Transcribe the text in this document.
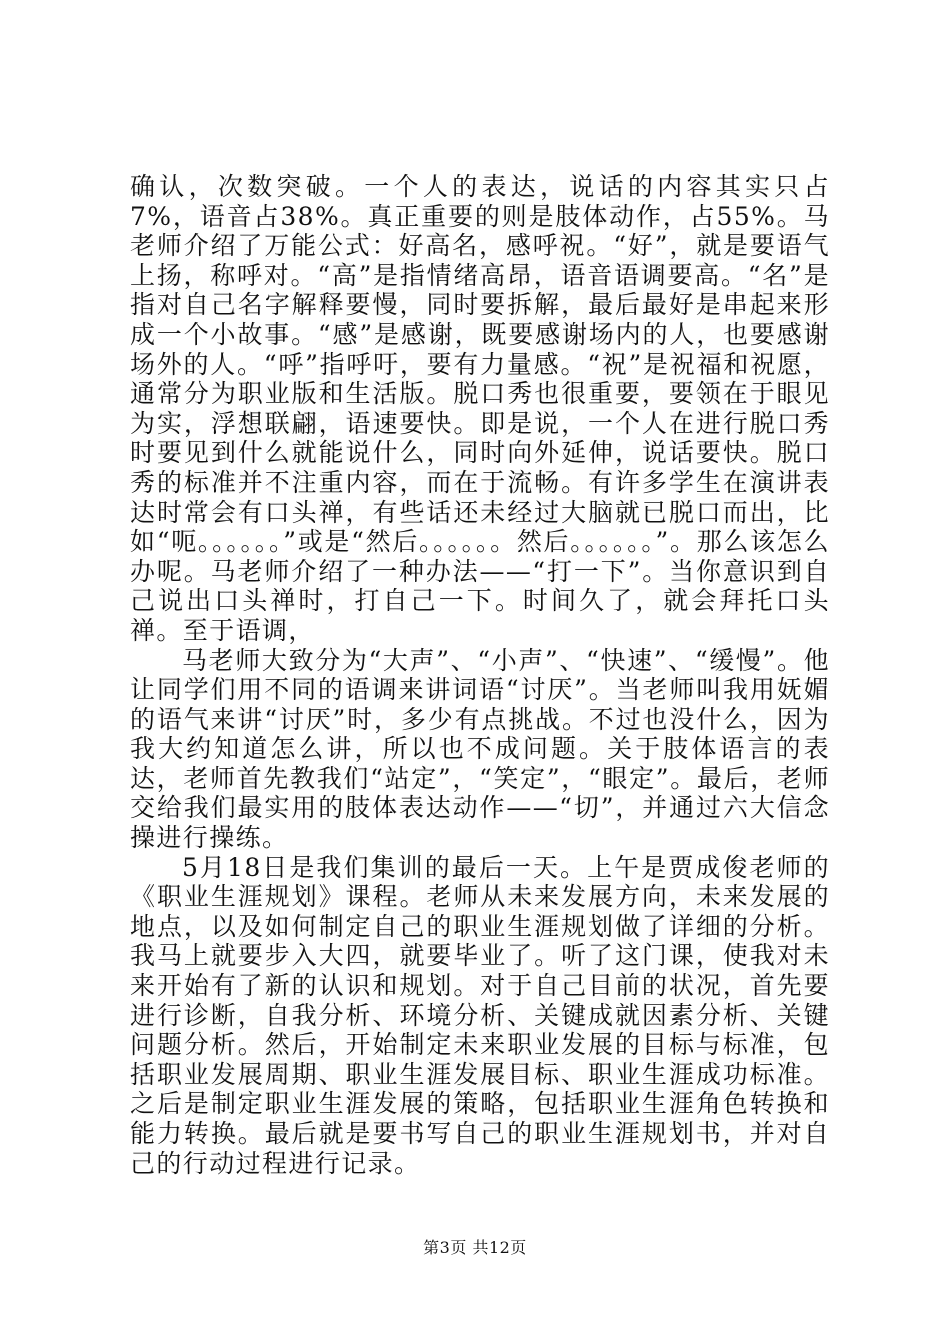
确认，次数突破。一个人的表达，说话的内容其实只占7%，语音占38%。真正重要的则是肢体动作，占55%。马老师介绍了万能公式：好高名，感呼祝。“好”，就是要语气上扬，称呼对。“高”是指情绪高昂，语音语调要高。“名”是指对自己名字解释要慢，同时要拆解，最后最好是串起来形成一个小故事。“感”是感谢，既要感谢场内的人，也要感谢场外的人。“呼”指呼吁，要有力量感。“祝”是祝福和祝愿，通常分为职业版和生活版。脱口秀也很重要，要领在于眼见为实，浮想联翩，语速要快。即是说，一个人在进行脱口秀时要见到什么就能说什么，同时向外延伸，说话要快。脱口秀的标准并不注重内容，而在于流畅。有许多学生在演讲表达时常会有口头禅，有些话还未经过大脑就已脱口而出，比如“呃。。。。。。”或是“然后。。。。。。然后。。。。。。”。那么该怎么办呢。马老师介绍了一种办法——“打一下”。当你意识到自己说出口头禅时，打自己一下。时间久了，就会拜托口头禅。至于语调，

马老师大致分为“大声”、“小声”、“快速”、“缓慢”。他让同学们用不同的语调来讲词语“讨厌”。当老师叫我用妩媚的语气来讲“讨厌”时，多少有点挑战。不过也没什么，因为我大约知道怎么讲，所以也不成问题。关于肢体语言的表达，老师首先教我们“站定”，“笑定”，“眼定”。最后，老师交给我们最实用的肢体表达动作——“切”，并通过六大信念操进行操练。

5月18日是我们集训的最后一天。上午是贾成俊老师的《职业生涯规划》课程。老师从未来发展方向，未来发展的地点，以及如何制定自己的职业生涯规划做了详细的分析。我马上就要步入大四，就要毕业了。听了这门课，使我对未来开始有了新的认识和规划。对于自己目前的状况，首先要进行诊断，自我分析、环境分析、关键成就因素分析、关键问题分析。然后，开始制定未来职业发展的目标与标准，包括职业发展周期、职业生涯发展目标、职业生涯成功标准。之后是制定职业生涯发展的策略，包括职业生涯角色转换和能力转换。最后就是要书写自己的职业生涯规划书，并对自己的行动过程进行记录。

第3页 共12页
